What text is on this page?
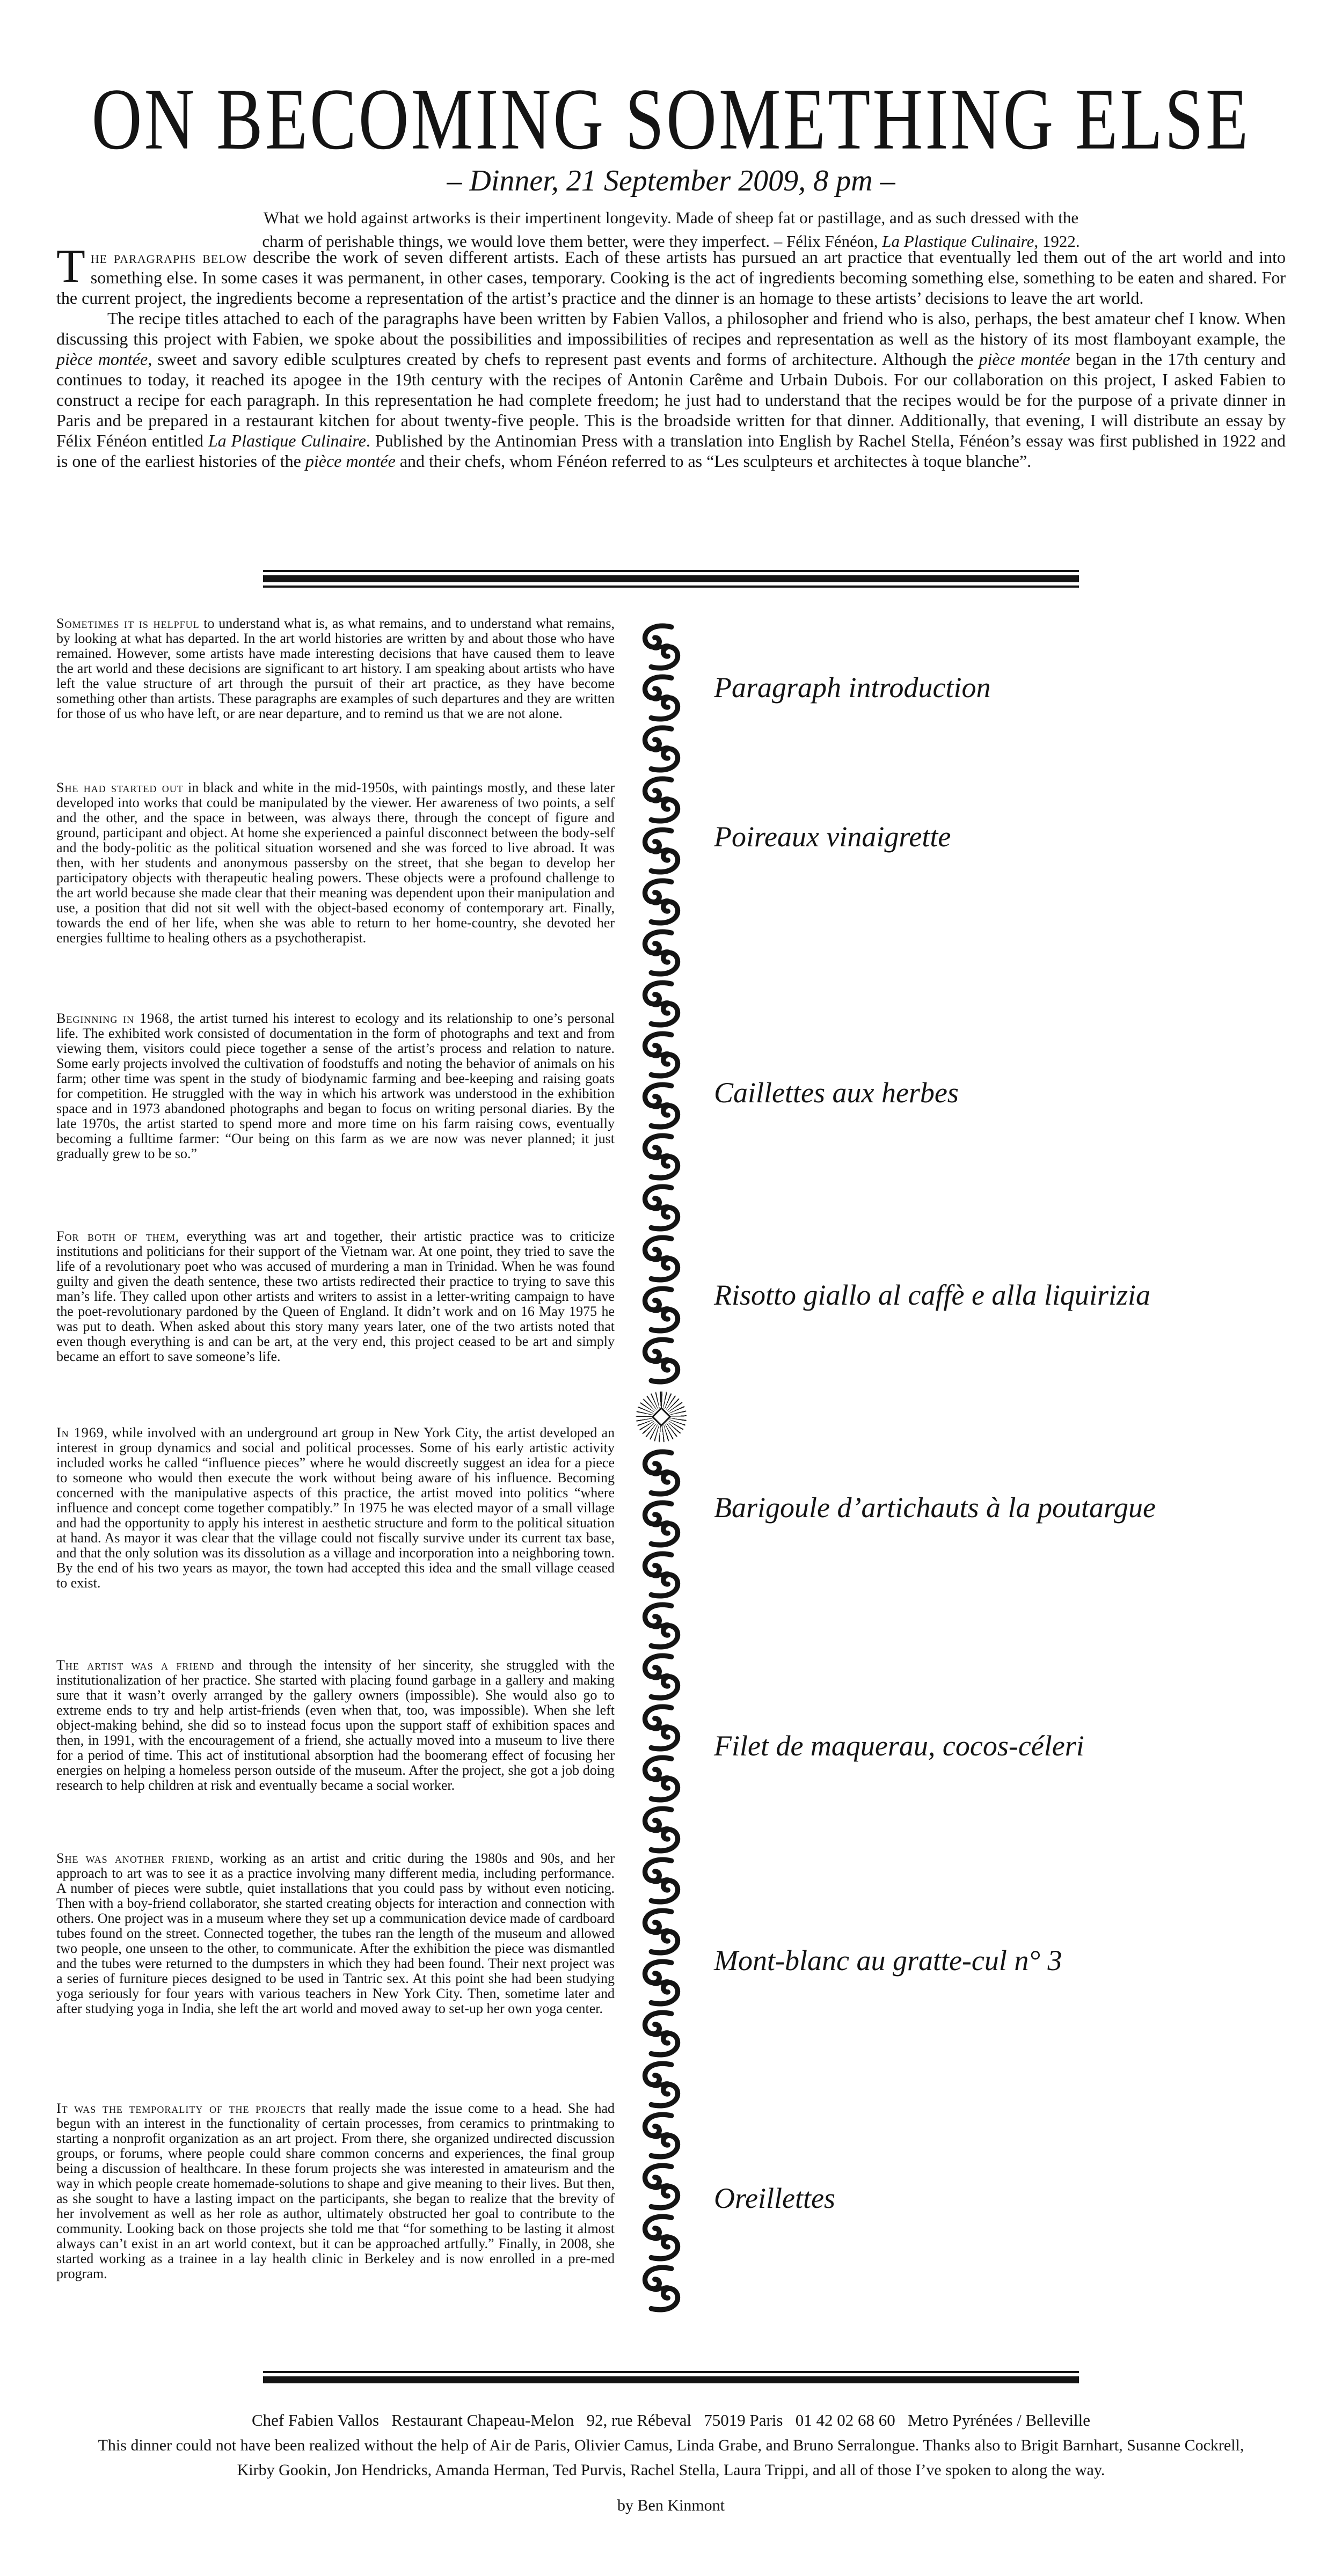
ON BECOMING SOMETHING ELSE
– Dinner, 21 September 2009, 8 pm –
What we hold against artworks is their impertinent longevity. Made of sheep fat or pastillage, and as such dressed with the
charm of perishable things, we would love them better, were they imperfect. – Félix Fénéon, La Plastique Culinaire, 1922.

The paragraphs below describe the work of seven different artists. Each of these artists has pursued an art practice that eventually led them out of the art world and into something else. In some cases it was permanent, in other cases, temporary. Cooking is the act of ingredients becoming something else, something to be eaten and shared. For the current project, the ingredients become a representation of the artist’s practice and the dinner is an homage to these artists’ decisions to leave the art world.

The recipe titles attached to each of the paragraphs have been written by Fabien Vallos, a philosopher and friend who is also, perhaps, the best amateur chef I know. When discussing this project with Fabien, we spoke about the possibilities and impossibilities of recipes and representation as well as the history of its most flamboyant example, the pièce montée, sweet and savory edible sculptures created by chefs to represent past events and forms of architecture. Although the pièce montée began in the 17th century and continues to today, it reached its apogee in the 19th century with the recipes of Antonin Carême and Urbain Dubois. For our collaboration on this project, I asked Fabien to construct a recipe for each paragraph. In this representation he had complete freedom; he just had to understand that the recipes would be for the purpose of a private dinner in Paris and be prepared in a restaurant kitchen for about twenty-five people. This is the broadside written for that dinner. Additionally, that evening, I will distribute an essay by Félix Fénéon entitled La Plastique Culinaire. Published by the Antinomian Press with a translation into English by Rachel Stella, Fénéon’s essay was first published in 1922 and is one of the earliest histories of the pièce montée and their chefs, whom Fénéon referred to as “Les sculpteurs et architectes à toque blanche”.

Sometimes it is helpful to understand what is, as what remains, and to understand what remains, by looking at what has departed. In the art world histories are written by and about those who have remained. However, some artists have made interesting decisions that have caused them to leave the art world and these decisions are significant to art history. I am speaking about artists who have left the value structure of art through the pursuit of their art practice, as they have become something other than artists. These paragraphs are examples of such departures and they are written for those of us who have left, or are near departure, and to remind us that we are not alone.

She had started out in black and white in the mid-1950s, with paintings mostly, and these later developed into works that could be manipulated by the viewer. Her awareness of two points, a self and the other, and the space in between, was always there, through the concept of figure and ground, participant and object. At home she experienced a painful disconnect between the body-self and the body-politic as the political situation worsened and she was forced to live abroad. It was then, with her students and anonymous passersby on the street, that she began to develop her participatory objects with therapeutic healing powers. These objects were a profound challenge to the art world because she made clear that their meaning was dependent upon their manipulation and use, a position that did not sit well with the object-based economy of contemporary art. Finally, towards the end of her life, when she was able to return to her home-country, she devoted her energies fulltime to healing others as a psychotherapist.

Beginning in 1968, the artist turned his interest to ecology and its relationship to one’s personal life. The exhibited work consisted of documentation in the form of photographs and text and from viewing them, visitors could piece together a sense of the artist’s process and relation to nature. Some early projects involved the cultivation of foodstuffs and noting the behavior of animals on his farm; other time was spent in the study of biodynamic farming and bee-keeping and raising goats for competition. He struggled with the way in which his artwork was understood in the exhibition space and in 1973 abandoned photographs and began to focus on writing personal diaries. By the late 1970s, the artist started to spend more and more time on his farm raising cows, eventually becoming a fulltime farmer: “Our being on this farm as we are now was never planned; it just gradually grew to be so.”

For both of them, everything was art and together, their artistic practice was to criticize institutions and politicians for their support of the Vietnam war. At one point, they tried to save the life of a revolutionary poet who was accused of murdering a man in Trinidad. When he was found guilty and given the death sentence, these two artists redirected their practice to trying to save this man’s life. They called upon other artists and writers to assist in a letter-writing campaign to have the poet-revolutionary pardoned by the Queen of England. It didn’t work and on 16 May 1975 he was put to death. When asked about this story many years later, one of the two artists noted that even though everything is and can be art, at the very end, this project ceased to be art and simply became an effort to save someone’s life.

In 1969, while involved with an underground art group in New York City, the artist developed an interest in group dynamics and social and political processes. Some of his early artistic activity included works he called “influence pieces” where he would discreetly suggest an idea for a piece to someone who would then execute the work without being aware of his influence. Becoming concerned with the manipulative aspects of this practice, the artist moved into politics “where influence and concept come together compatibly.” In 1975 he was elected mayor of a small village and had the opportunity to apply his interest in aesthetic structure and form to the political situation at hand. As mayor it was clear that the village could not fiscally survive under its current tax base, and that the only solution was its dissolution as a village and incorporation into a neighboring town. By the end of his two years as mayor, the town had accepted this idea and the small village ceased to exist.

The artist was a friend and through the intensity of her sincerity, she struggled with the institutionalization of her practice. She started with placing found garbage in a gallery and making sure that it wasn’t overly arranged by the gallery owners (impossible). She would also go to extreme ends to try and help artist-friends (even when that, too, was impossible). When she left object-making behind, she did so to instead focus upon the support staff of exhibition spaces and then, in 1991, with the encouragement of a friend, she actually moved into a museum to live there for a period of time. This act of institutional absorption had the boomerang effect of focusing her energies on helping a homeless person outside of the museum. After the project, she got a job doing research to help children at risk and eventually became a social worker.

She was another friend, working as an artist and critic during the 1980s and 90s, and her approach to art was to see it as a practice involving many different media, including performance. A number of pieces were subtle, quiet installations that you could pass by without even noticing. Then with a boy-friend collaborator, she started creating objects for interaction and connection with others. One project was in a museum where they set up a communication device made of cardboard tubes found on the street. Connected together, the tubes ran the length of the museum and allowed two people, one unseen to the other, to communicate. After the exhibition the piece was dismantled and the tubes were returned to the dumpsters in which they had been found. Their next project was a series of furniture pieces designed to be used in Tantric sex. At this point she had been studying yoga seriously for four years with various teachers in New York City. Then, sometime later and after studying yoga in India, she left the art world and moved away to set-up her own yoga center.

It was the temporality of the projects that really made the issue come to a head. She had begun with an interest in the functionality of certain processes, from ceramics to printmaking to starting a nonprofit organization as an art project. From there, she organized undirected discussion groups, or forums, where people could share common concerns and experiences, the final group being a discussion of healthcare. In these forum projects she was interested in amateurism and the way in which people create homemade-solutions to shape and give meaning to their lives. But then, as she sought to have a lasting impact on the participants, she began to realize that the brevity of her involvement as well as her role as author, ultimately obstructed her goal to contribute to the community. Looking back on those projects she told me that “for something to be lasting it almost always can’t exist in an art world context, but it can be approached artfully.” Finally, in 2008, she started working as a trainee in a lay health clinic in Berkeley and is now enrolled in a pre-med program.

Paragraph introduction
Poireaux vinaigrette
Caillettes aux herbes
Risotto giallo al caffè e alla liquirizia
Barigoule d’artichauts à la poutargue
Filet de maquerau, cocos-céleri
Mont-blanc au gratte-cul n° 3
Oreillettes
Chef Fabien Vallos   Restaurant Chapeau-Melon   92, rue Rébeval   75019 Paris   01 42 02 68 60   Metro Pyrénées / Belleville
This dinner could not have been realized without the help of Air de Paris, Olivier Camus, Linda Grabe, and Bruno Serralongue. Thanks also to Brigit Barnhart, Susanne Cockrell,
Kirby Gookin, Jon Hendricks, Amanda Herman, Ted Purvis, Rachel Stella, Laura Trippi, and all of those I’ve spoken to along the way.
by Ben Kinmont
